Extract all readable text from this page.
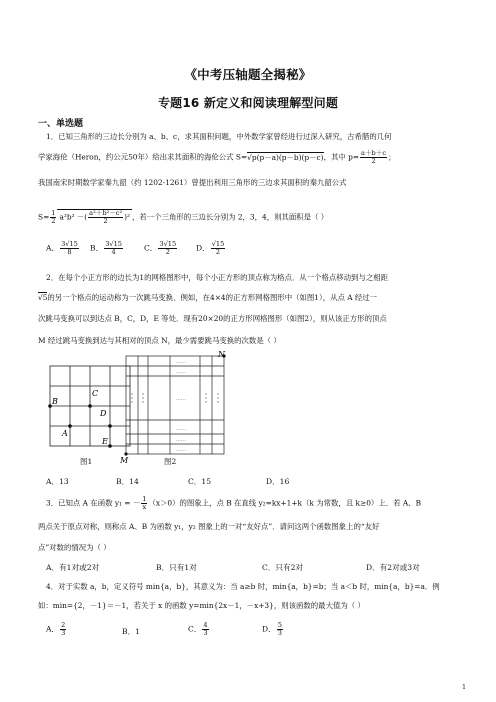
《中考压轴题全揭秘》
专题16 新定义和阅读理解型问题
一、单选题
1．已知三角形的三边长分别为 a、b、c，求其面积问题，中外数学家曾经进行过深入研究，古希腊的几何
学家海伦（Heron，约公元50年）给出求其面积的海伦公式 S=√p(p－a)(p－b)(p－c)，其中 $p= \frac{a+b+c}{2}$ ；
我国南宋时期数学家秦九韶（约 1202-1261）曾提出利用三角形的三边求其面积的秦九韶公式
$S= \frac{1}{2} a^2b^2$ －( $\frac{\text{a²＋b²－c²}}{2} )^2$ ，若一个三角形的三边长分别为 2，3，4，则其面积是（ ）
A． $\frac{3√15}{8}$ B． $\frac{3√15}{4}$	C． $\frac{3√15}{2}$ D． $\frac{√15}{2}$
2．在每个小正方形的边长为1的网格图形中，每个小正方形的顶点称为格点．从一个格点移动到与之相距
√5的另一个格点的运动称为一次跳马变换．例如，在4×4的正方形网格图形中（如图1），从点 A 经过一
次跳马变换可以到达点 B，C，D，E 等处．现有20×20的正方形网格图形（如图2），则从该正方形的顶点
M 经过跳马变换到达与其相对的顶点 N，最少需要跳马变换的次数是（ ）
A
B
C
D
E
图1
……
……
……
……
……
……
M
N
图2
A．13	B．14	C．15	D．16
3．已知点 A 在函数 y₁ = － $\frac{1}{x} (x>0)$的图象上，点 B 在直线 y₂=kx+1+k（k 为常数，且 k≥0）上．若 A、B
两点关于原点对称，则称点 A、B 为函数 y₁，y₂ 图象上的一对“友好点”．请问这两个函数图象上的“友好
点”对数的情况为（ ）
A．有1对或2对	B．只有1对	C．只有2对	D．有2对或3对
4．对于实数 a，b，定义符号 min{a，b}，其意义为：当 a≥b 时，min{a，b}=b；当 a＜b 时，min{a，b}=a．例
如：min={2，－1}＝－1，若关于 x 的函数 y=min{2x－1，－x+3}，则该函数的最大值为（ ）
A． $\frac{2}{3}$	B．1	C． $\frac{4}{3}$	D． $\frac{5}{3}$
1
